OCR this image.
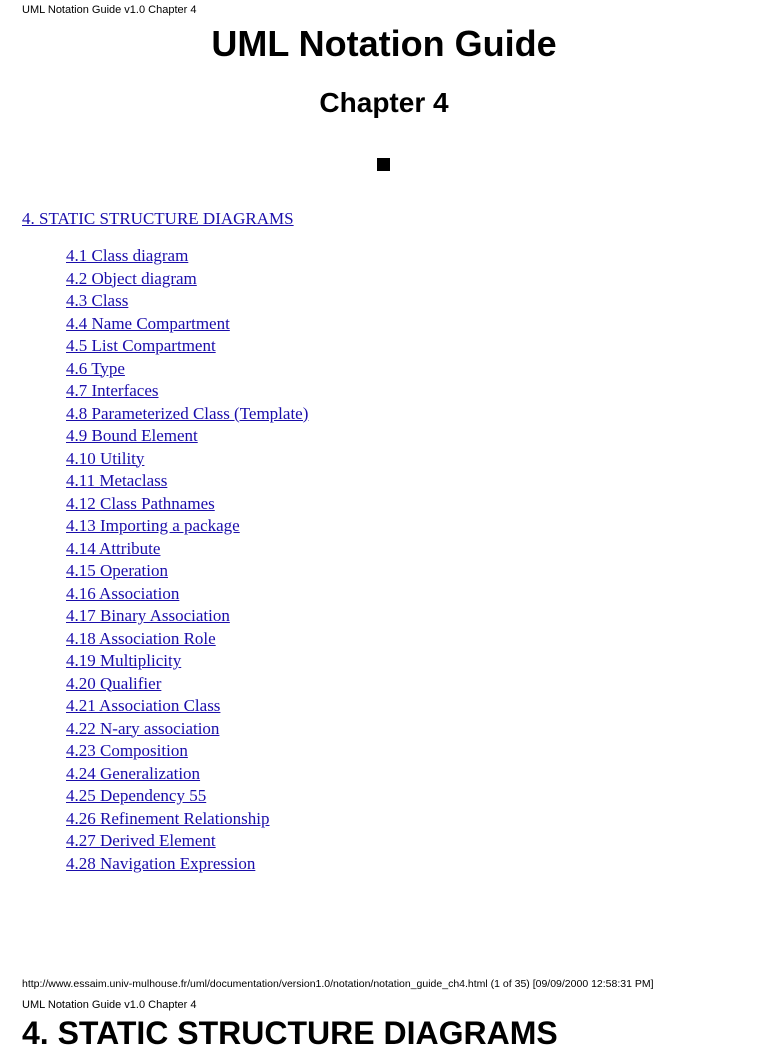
UML Notation Guide v1.0 Chapter 4
UML Notation Guide
Chapter 4
4. STATIC STRUCTURE DIAGRAMS
4.1 Class diagram
4.2 Object diagram
4.3 Class
4.4 Name Compartment
4.5 List Compartment
4.6 Type
4.7 Interfaces
4.8 Parameterized Class (Template)
4.9 Bound Element
4.10 Utility
4.11 Metaclass
4.12 Class Pathnames
4.13 Importing a package
4.14 Attribute
4.15 Operation
4.16 Association
4.17 Binary Association
4.18 Association Role
4.19 Multiplicity
4.20 Qualifier
4.21 Association Class
4.22 N-ary association
4.23 Composition
4.24 Generalization
4.25 Dependency 55
4.26 Refinement Relationship
4.27 Derived Element
4.28 Navigation Expression
http://www.essaim.univ-mulhouse.fr/uml/documentation/version1.0/notation/notation_guide_ch4.html (1 of 35) [09/09/2000 12:58:31 PM]
UML Notation Guide v1.0 Chapter 4
4. STATIC STRUCTURE DIAGRAMS
